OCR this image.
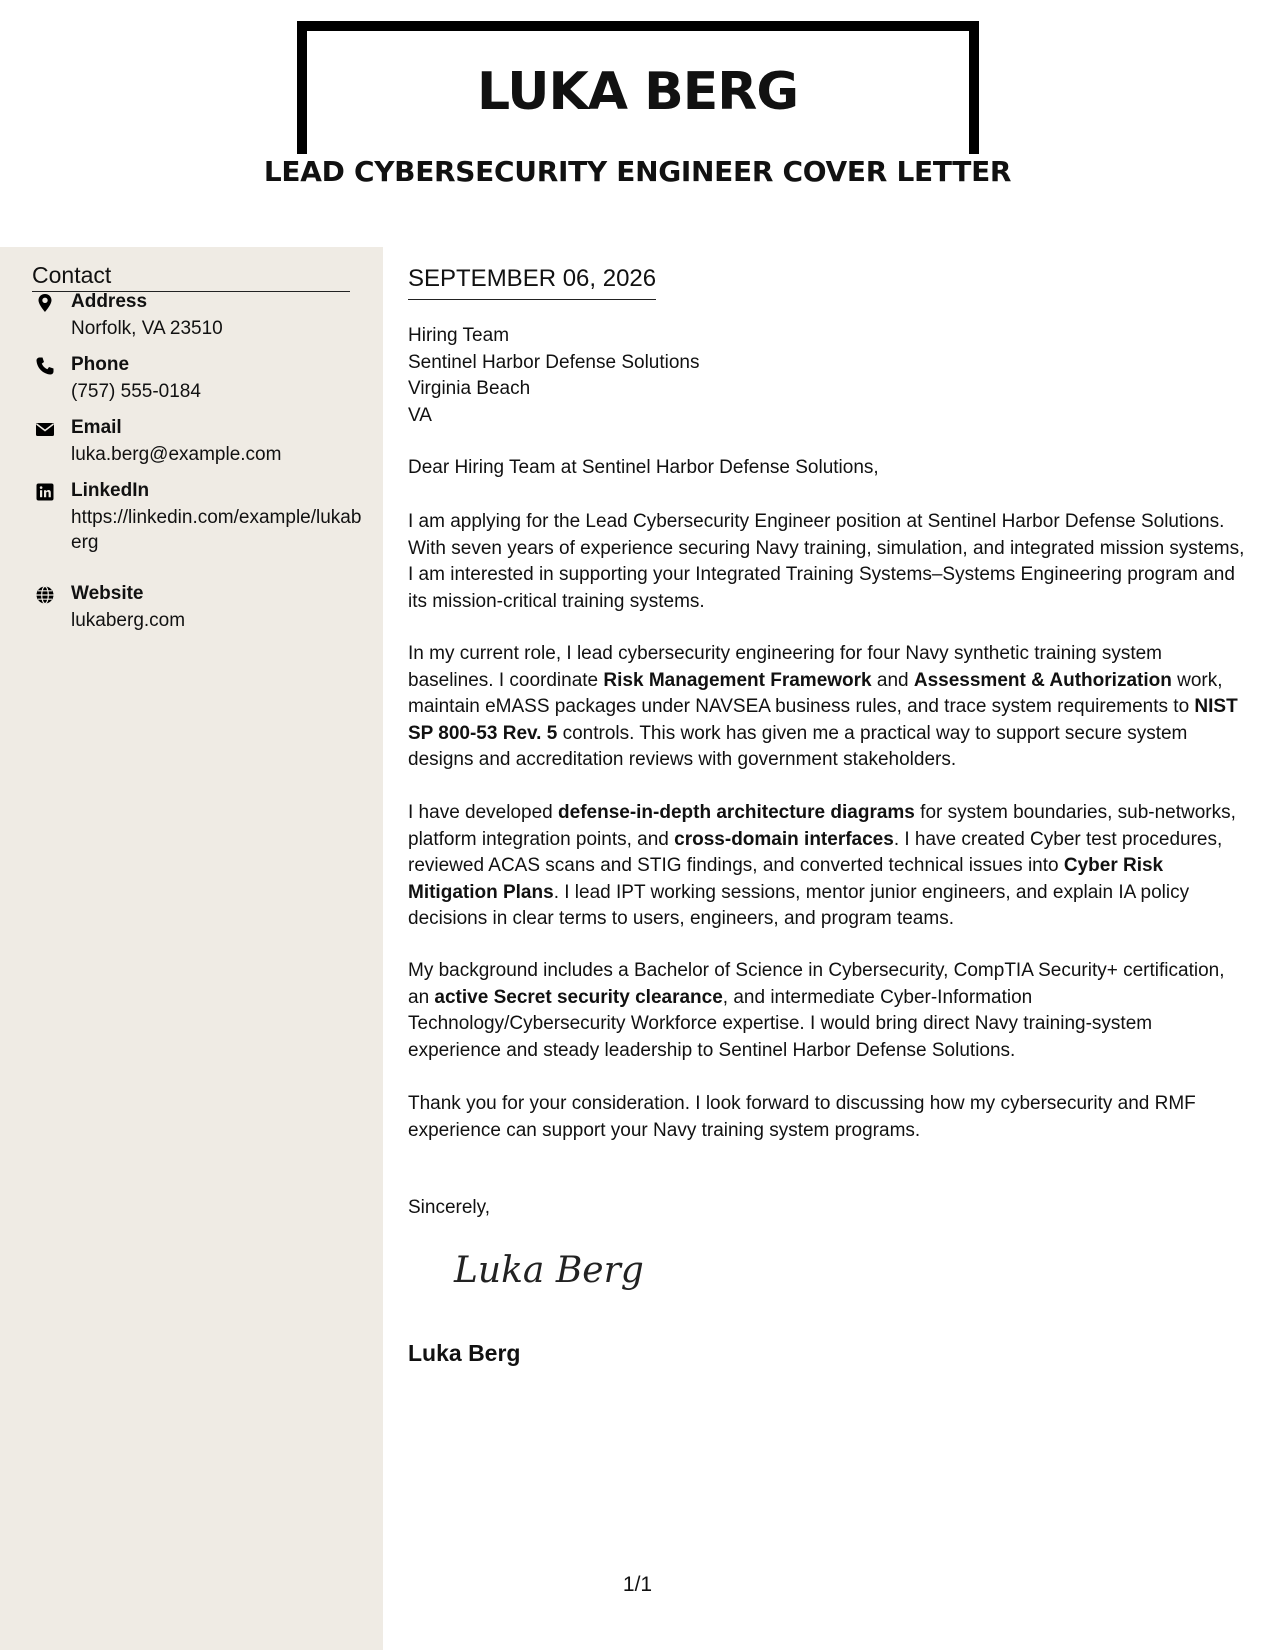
LUKA BERG
LEAD CYBERSECURITY ENGINEER COVER LETTER
Contact
Address
Norfolk, VA 23510
Phone
(757) 555-0184
Email
luka.berg@example.com
LinkedIn
https://linkedin.com/example/lukaberg
Website
lukaberg.com
SEPTEMBER 06, 2026
Hiring Team
Sentinel Harbor Defense Solutions
Virginia Beach
VA
Dear Hiring Team at Sentinel Harbor Defense Solutions,
I am applying for the Lead Cybersecurity Engineer position at Sentinel Harbor Defense Solutions. With seven years of experience securing Navy training, simulation, and integrated mission systems, I am interested in supporting your Integrated Training Systems–Systems Engineering program and its mission-critical training systems.
In my current role, I lead cybersecurity engineering for four Navy synthetic training system baselines. I coordinate Risk Management Framework and Assessment & Authorization work, maintain eMASS packages under NAVSEA business rules, and trace system requirements to NIST SP 800-53 Rev. 5 controls. This work has given me a practical way to support secure system designs and accreditation reviews with government stakeholders.
I have developed defense-in-depth architecture diagrams for system boundaries, sub-networks, platform integration points, and cross-domain interfaces. I have created Cyber test procedures, reviewed ACAS scans and STIG findings, and converted technical issues into Cyber Risk Mitigation Plans. I lead IPT working sessions, mentor junior engineers, and explain IA policy decisions in clear terms to users, engineers, and program teams.
My background includes a Bachelor of Science in Cybersecurity, CompTIA Security+ certification, an active Secret security clearance, and intermediate Cyber-Information Technology/Cybersecurity Workforce expertise. I would bring direct Navy training-system experience and steady leadership to Sentinel Harbor Defense Solutions.
Thank you for your consideration. I look forward to discussing how my cybersecurity and RMF experience can support your Navy training system programs.
Sincerely,
Luka Berg
Luka Berg
1/1
